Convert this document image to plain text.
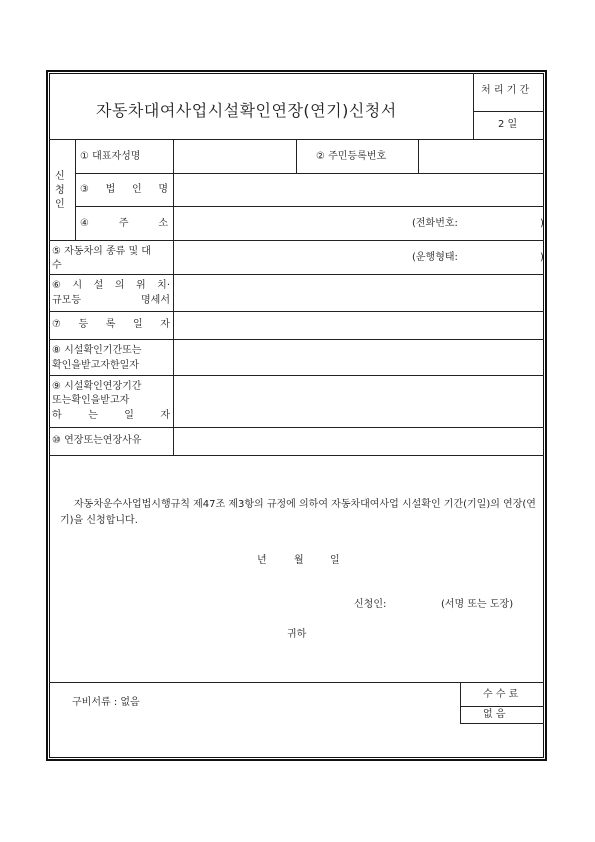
자동차대여사업시설확인연장(연기)신청서
처 리 기 간
2 일
신
청
인
① 대표자성명	② 주민등록번호
③ 법 인 명
④	주	소	(전화번호:	)
⑤ 자동차의 종류 및 대
수
(운행형태:	)
⑥ 시 설 의 위 치·
규모등	명세서
⑦ 등 록 일 자
⑧ 시설확인기간또는
확인을받고자한일자
⑨ 시설확인연장기간
또는확인을받고자
하	는	일	자
⑩ 연장또는연장사유
자동차운수사업법시행규칙 제47조 제3항의 규정에 의하여 자동차대여사업 시설확인 기간(기일)의 연장(연기)을 신청합니다.
년	월	일
신청인:	(서명 또는 도장)
귀하
구비서류 : 없음
수 수 료
없 음
